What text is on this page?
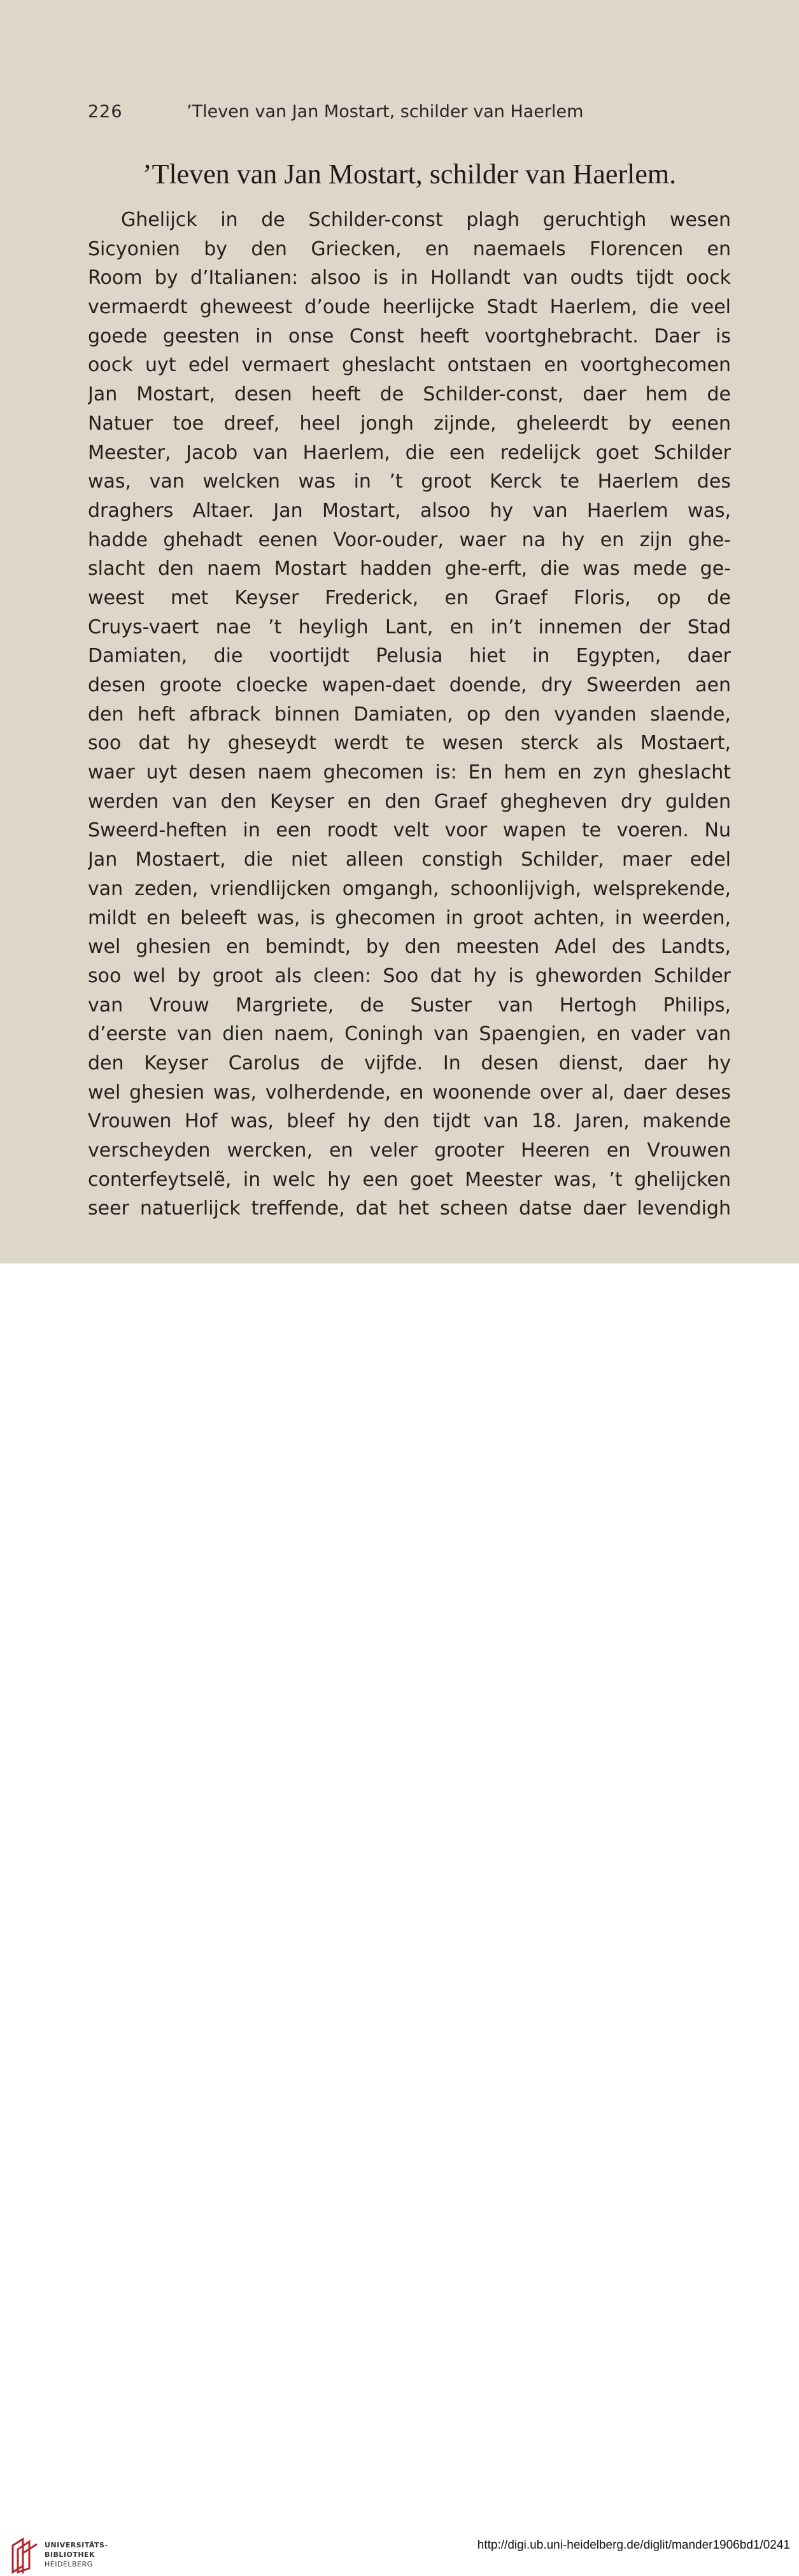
226	’Tleven van Jan Mostart, schilder van Haerlem
’Tleven van Jan Mostart, schilder van Haerlem.
Ghelijck in de Schilder-const plagh geruchtigh wesen
Sicyonien by den Griecken, en naemaels Florencen en
Room by d’Italianen: alsoo is in Hollandt van oudts tijdt oock
vermaerdt gheweest d’oude heerlijcke Stadt Haerlem, die veel
goede geesten in onse Const heeft voortghebracht. Daer is
oock uyt edel vermaert gheslacht ontstaen en voortghecomen
Jan Mostart, desen heeft de Schilder-const, daer hem de
Natuer toe dreef, heel jongh zijnde, gheleerdt by eenen
Meester, Jacob van Haerlem, die een redelijck goet Schilder
was, van welcken was in ’t groot Kerck te Haerlem des
draghers Altaer. Jan Mostart, alsoo hy van Haerlem was,
hadde ghehadt eenen Voor-ouder, waer na hy en zijn ghe-
slacht den naem Mostart hadden ghe-erft, die was mede ge-
weest met Keyser Frederick, en Graef Floris, op de
Cruys-vaert nae ’t heyligh Lant, en in’t innemen der Stad
Damiaten, die voortijdt Pelusia hiet in Egypten, daer
desen groote cloecke wapen-daet doende, dry Sweerden aen
den heft afbrack binnen Damiaten, op den vyanden slaende,
soo dat hy gheseydt werdt te wesen sterck als Mostaert,
waer uyt desen naem ghecomen is: En hem en zyn gheslacht
werden van den Keyser en den Graef ghegheven dry gulden
Sweerd-heften in een roodt velt voor wapen te voeren. Nu
Jan Mostaert, die niet alleen constigh Schilder, maer edel
van zeden, vriendlijcken omgangh, schoonlijvigh, welsprekende,
mildt en beleeft was, is ghecomen in groot achten, in weerden,
wel ghesien en bemindt, by den meesten Adel des Landts,
soo wel by groot als cleen: Soo dat hy is gheworden Schilder
van Vrouw Margriete, de Suster van Hertogh Philips,
d’eerste van dien naem, Coningh van Spaengien, en vader van
den Keyser Carolus de vijfde. In desen dienst, daer hy
wel ghesien was, volherdende, en woonende over al, daer deses
Vrouwen Hof was, bleef hy den tijdt van 18. Jaren, makende
verscheyden wercken, en veler grooter Heeren en Vrouwen
conterfeytselẽ, in welc hy een goet Meester was, ’t ghelijcken
seer natuerlijck treffende, dat het scheen datse daer levendigh
UNIVERSITÄTS-
BIBLIOTHEK
HEIDELBERG
http://digi.ub.uni-heidelberg.de/diglit/mander1906bd1/0241
